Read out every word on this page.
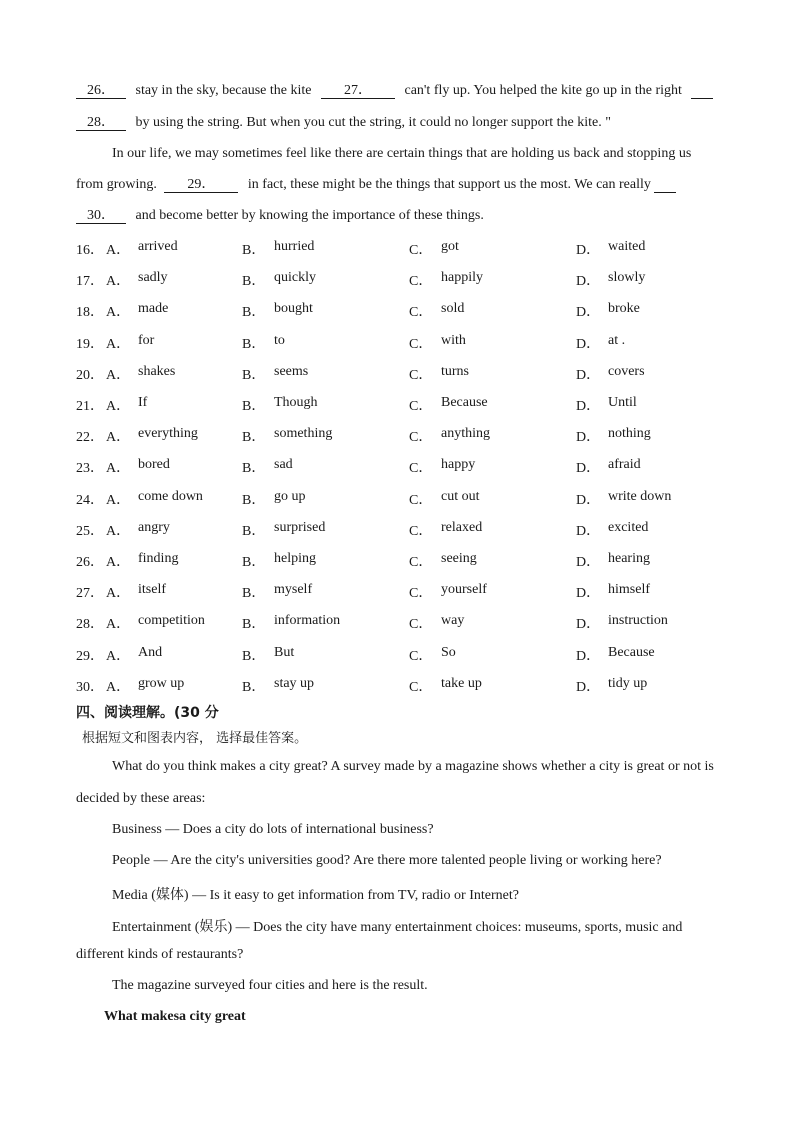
26． stay in the sky, because the kite 27． can't fly up. You helped the kite go up in the right
28． by using the string. But when you cut the string, it could no longer support the kite. "
In our life, we may sometimes feel like there are certain things that are holding us back and stopping us
from growing. 29． in fact, these might be the things that support us the most. We can really
30． and become better by knowing the importance of these things.
16． A． arrived	B． hurried	C． got	D． waited
17． A． sadly	B． quickly	C． happily	D． slowly
18． A． made	B． bought	C． sold	D． broke
19． A． for	B． to	C． with	D． at .
20． A． shakes	B． seems	C． turns	D． covers
21． A． If	B． Though	C． Because	D． Until
22． A． everything	B． something	C． anything	D． nothing
23． A． bored	B． sad	C． happy	D． afraid
24． A． come down	B． go up	C． cut out	D． write down
25． A． angry	B． surprised	C． relaxed	D． excited
26． A． finding	B． helping	C． seeing	D． hearing
27． A． itself	B． myself	C． yourself	D． himself
28． A． competition	B． information	C． way	D． instruction
29． A． And	B． But	C． So	D． Because
30． A． grow up	B． stay up	C． take up	D． tidy up
四、阅读理解。(30 分
根据短文和图表内容， 选择最佳答案。
What do you think makes a city great? A survey made by a magazine shows whether a city is great or not is
decided by these areas:
Business — Does a city do lots of international business?
People — Are the city's universities good? Are there more talented people living or working here?
Media (媒体) — Is it easy to get information from TV, radio or Internet?
Entertainment (娱乐) — Does the city have many entertainment choices: museums, sports, music and
different kinds of restaurants?
The magazine surveyed four cities and here is the result.
What makesa city great
